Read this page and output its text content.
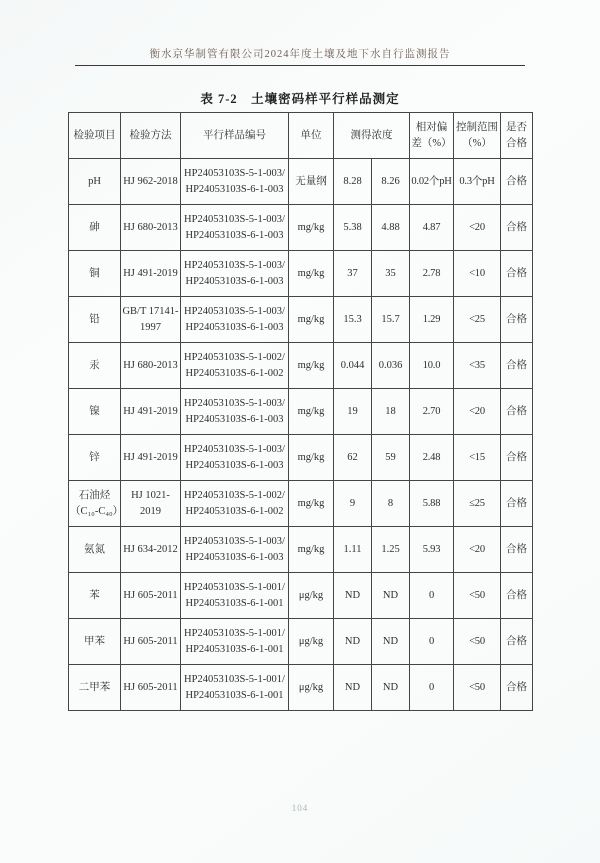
衡水京华制管有限公司2024年度土壤及地下水自行监测报告
表 7-2　土壤密码样平行样品测定
检验项目	检验方法	平行样品编号	单位	测得浓度		相对偏差（%）	控制范围（%）	是否合格
pH	HJ 962-2018	HP24053103S-5-1-003/
HP24053103S-6-1-003	无量纲	8.28	8.26	0.02个pH	0.3个pH	合格
砷	HJ 680-2013	HP24053103S-5-1-003/
HP24053103S-6-1-003	mg/kg	5.38	4.88	4.87	<20	合格
铜	HJ 491-2019	HP24053103S-5-1-003/
HP24053103S-6-1-003	mg/kg	37	35	2.78	<10	合格
铅	GB/T 17141-1997	HP24053103S-5-1-003/
HP24053103S-6-1-003	mg/kg	15.3	15.7	1.29	<25	合格
汞	HJ 680-2013	HP24053103S-5-1-002/
HP24053103S-6-1-002	mg/kg	0.044	0.036	10.0	<35	合格
镍	HJ 491-2019	HP24053103S-5-1-003/
HP24053103S-6-1-003	mg/kg	19	18	2.70	<20	合格
锌	HJ 491-2019	HP24053103S-5-1-003/
HP24053103S-6-1-003	mg/kg	62	59	2.48	<15	合格
石油烃（C₁₀-C₄₀）	HJ 1021-2019	HP24053103S-5-1-002/
HP24053103S-6-1-002	mg/kg	9	8	5.88	≤25	合格
氨氮	HJ 634-2012	HP24053103S-5-1-003/
HP24053103S-6-1-003	mg/kg	1.11	1.25	5.93	<20	合格
苯	HJ 605-2011	HP24053103S-5-1-001/
HP24053103S-6-1-001	μg/kg	ND	ND	0	<50	合格
甲苯	HJ 605-2011	HP24053103S-5-1-001/
HP24053103S-6-1-001	μg/kg	ND	ND	0	<50	合格
二甲苯	HJ 605-2011	HP24053103S-5-1-001/
HP24053103S-6-1-001	μg/kg	ND	ND	0	<50	合格
104
